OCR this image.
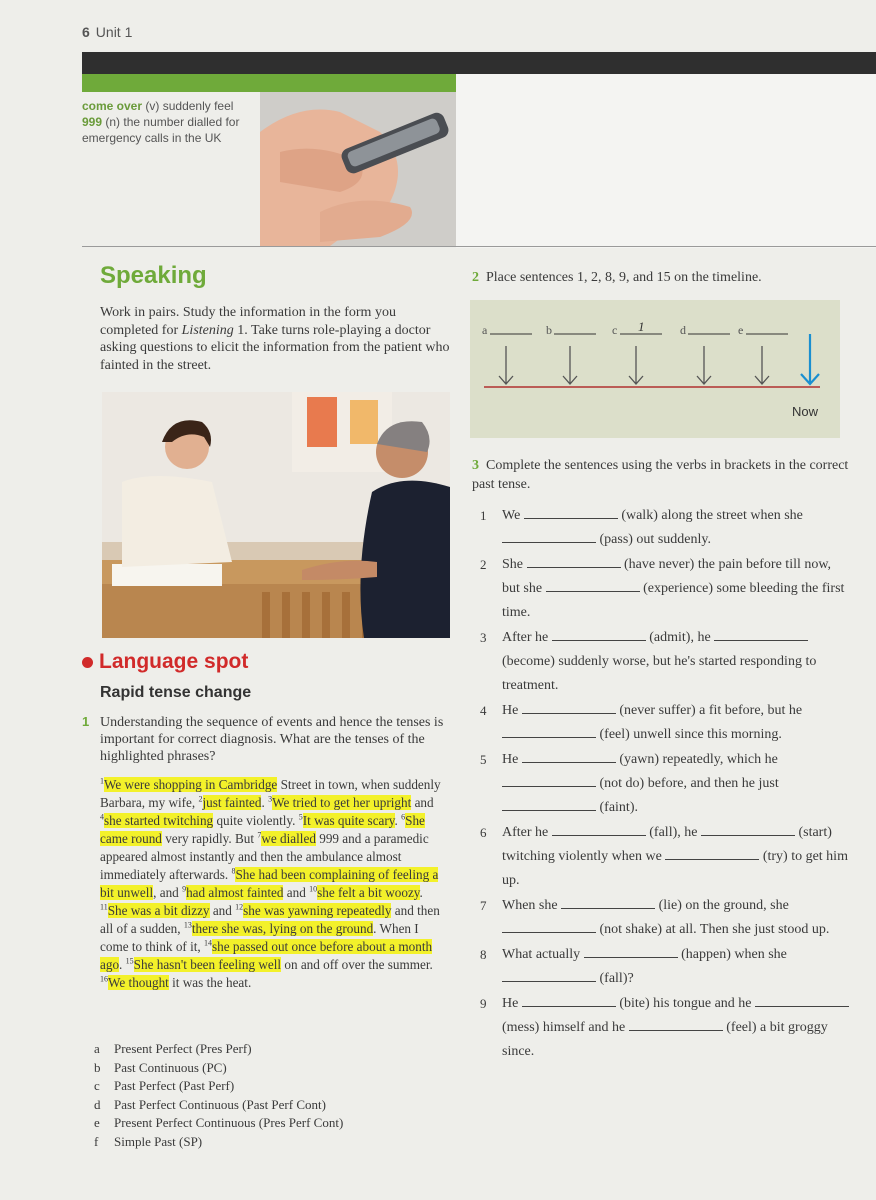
6 Unit 1
come over (v) suddenly feel
999 (n) the number dialled for emergency calls in the UK
Speaking
Work in pairs. Study the information in the form you completed for Listening 1. Take turns role-playing a doctor asking questions to elicit the information from the patient who fainted in the street.
Language spot
Rapid tense change
1 Understanding the sequence of events and hence the tenses is important for correct diagnosis. What are the tenses of the highlighted phrases?
$^1$We were shopping in Cambridge Street in town, when suddenly Barbara, my wife, $^2$just fainted. $^3$We tried to get her upright and $^4$she started twitching quite violently. $^5$It was quite scary. $^6$She came round very rapidly. But $^7$we dialled 999 and a paramedic appeared almost instantly and then the ambulance almost immediately afterwards. $^8$She had been complaining of feeling a bit unwell, and $^9$had almost fainted and $^{10}$she felt a bit woozy. $^{11}$She was a bit dizzy and $^{12}$she was yawning repeatedly and then all of a sudden, $^{13}$there she was, lying on the ground. When I come to think of it, $^{14}$she passed out once before about a month ago. $^{15}$She hasn't been feeling well on and off over the summer. $^{16}$We thought it was the heat.
a Present Perfect (Pres Perf)
b Past Continuous (PC)
c Past Perfect (Past Perf)
d Past Perfect Continuous (Past Perf Cont)
e Present Perfect Continuous (Pres Perf Cont)
f Simple Past (SP)
2 Place sentences 1, 2, 8, 9, and 15 on the timeline.
a	b	c 1	d	e
Now
3 Complete the sentences using the verbs in brackets in the correct past tense.
1 We	(walk) along the street when she  (pass) out suddenly.
2 She	(have never) the pain before till now, but she	(experience) some bleeding the first time.
3 After he	(admit), he  (become) suddenly worse, but he's started responding to treatment.
4 He	(never suffer) a fit before, but he  (feel) unwell since this morning.
5 He	(yawn) repeatedly, which he  (not do) before, and then he just  (faint).
6 After he	(fall), he	(start) twitching violently when we	(try) to get him up.
7 When she	(lie) on the ground, she  (not shake) at all. Then she just stood up.
8 What actually	(happen) when she  (fall)?
9 He	(bite) his tongue and he  (mess) himself and he	(feel) a bit groggy since.
